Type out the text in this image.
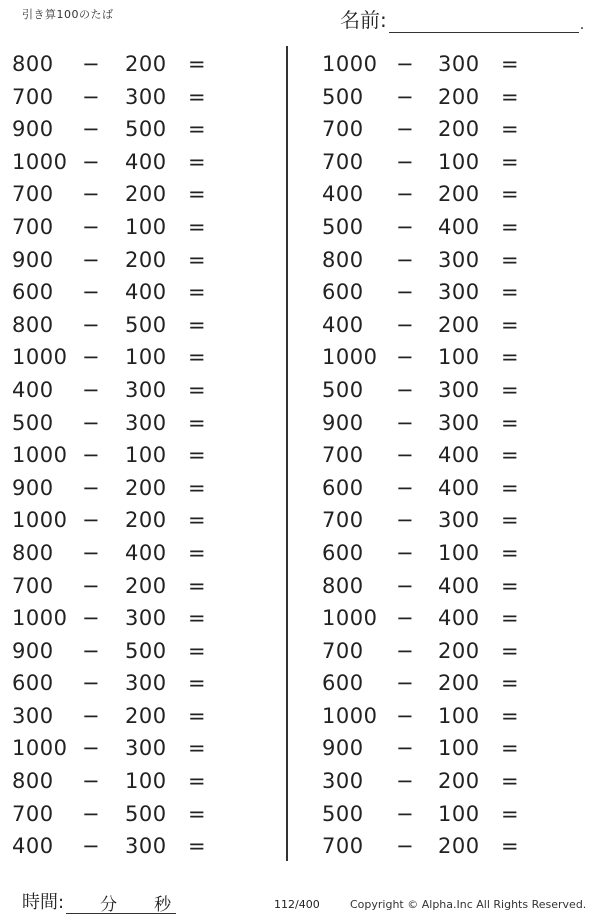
引き算100のたば	名前:	.
800 − 200 =
700 − 300 =
900 − 500 =
1000 − 400 =
700 − 200 =
700 − 100 =
900 − 200 =
600 − 400 =
800 − 500 =
1000 − 100 =
400 − 300 =
500 − 300 =
1000 − 100 =
900 − 200 =
1000 − 200 =
800 − 400 =
700 − 200 =
1000 − 300 =
900 − 500 =
600 − 300 =
300 − 200 =
1000 − 300 =
800 − 100 =
700 − 500 =
400 − 300 =
1000 − 300 =
500 − 200 =
700 − 200 =
700 − 100 =
400 − 200 =
500 − 400 =
800 − 300 =
600 − 300 =
400 − 200 =
1000 − 100 =
500 − 300 =
900 − 300 =
700 − 400 =
600 − 400 =
700 − 300 =
600 − 100 =
800 − 400 =
1000 − 400 =
700 − 200 =
600 − 200 =
1000 − 100 =
900 − 100 =
300 − 200 =
500 − 100 =
700 − 200 =
時間: 分 秒	112/400	Copyright © Alpha.Inc All Rights Reserved.
